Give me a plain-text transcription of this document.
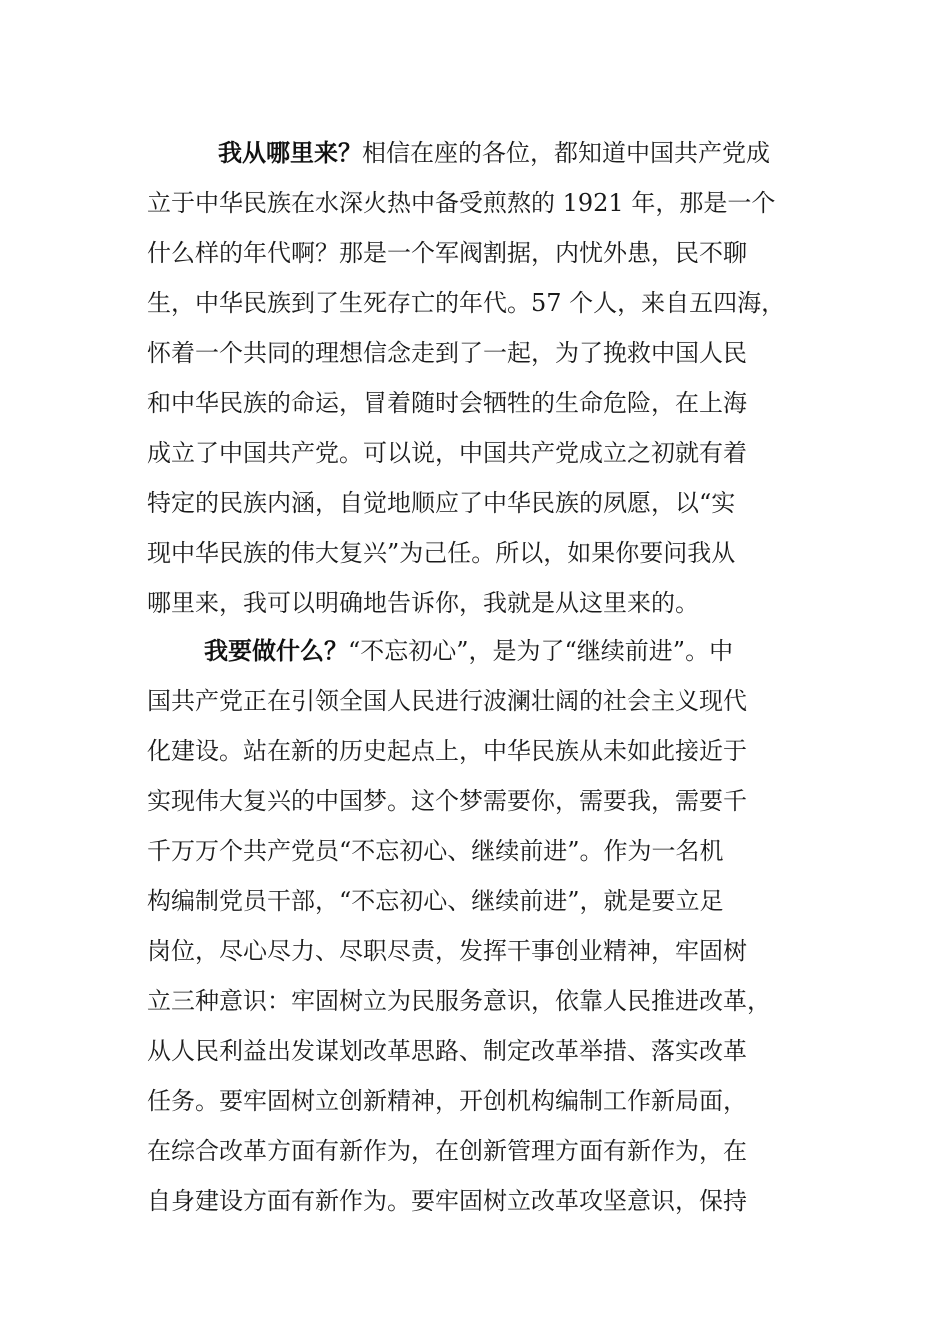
我从哪里来？相信在座的各位，都知道中国共产党成
立于中华民族在水深火热中备受煎熬的 1921 年，那是一个
什么样的年代啊？那是一个军阀割据，内忧外患，民不聊
生，中华民族到了生死存亡的年代。57 个人，来自五四海，
怀着一个共同的理想信念走到了一起，为了挽救中国人民
和中华民族的命运，冒着随时会牺牲的生命危险，在上海
成立了中国共产党。可以说，中国共产党成立之初就有着
特定的民族内涵，自觉地顺应了中华民族的夙愿，以“实
现中华民族的伟大复兴”为己任。所以，如果你要问我从
哪里来，我可以明确地告诉你，我就是从这里来的。
我要做什么？“不忘初心”，是为了“继续前进”。中
国共产党正在引领全国人民进行波澜壮阔的社会主义现代
化建设。站在新的历史起点上，中华民族从未如此接近于
实现伟大复兴的中国梦。这个梦需要你，需要我，需要千
千万万个共产党员“不忘初心、继续前进”。作为一名机
构编制党员干部，“不忘初心、继续前进”，就是要立足
岗位，尽心尽力、尽职尽责，发挥干事创业精神，牢固树
立三种意识：牢固树立为民服务意识，依靠人民推进改革，
从人民利益出发谋划改革思路、制定改革举措、落实改革
任务。要牢固树立创新精神，开创机构编制工作新局面，
在综合改革方面有新作为，在创新管理方面有新作为，在
自身建设方面有新作为。要牢固树立改革攻坚意识，保持
